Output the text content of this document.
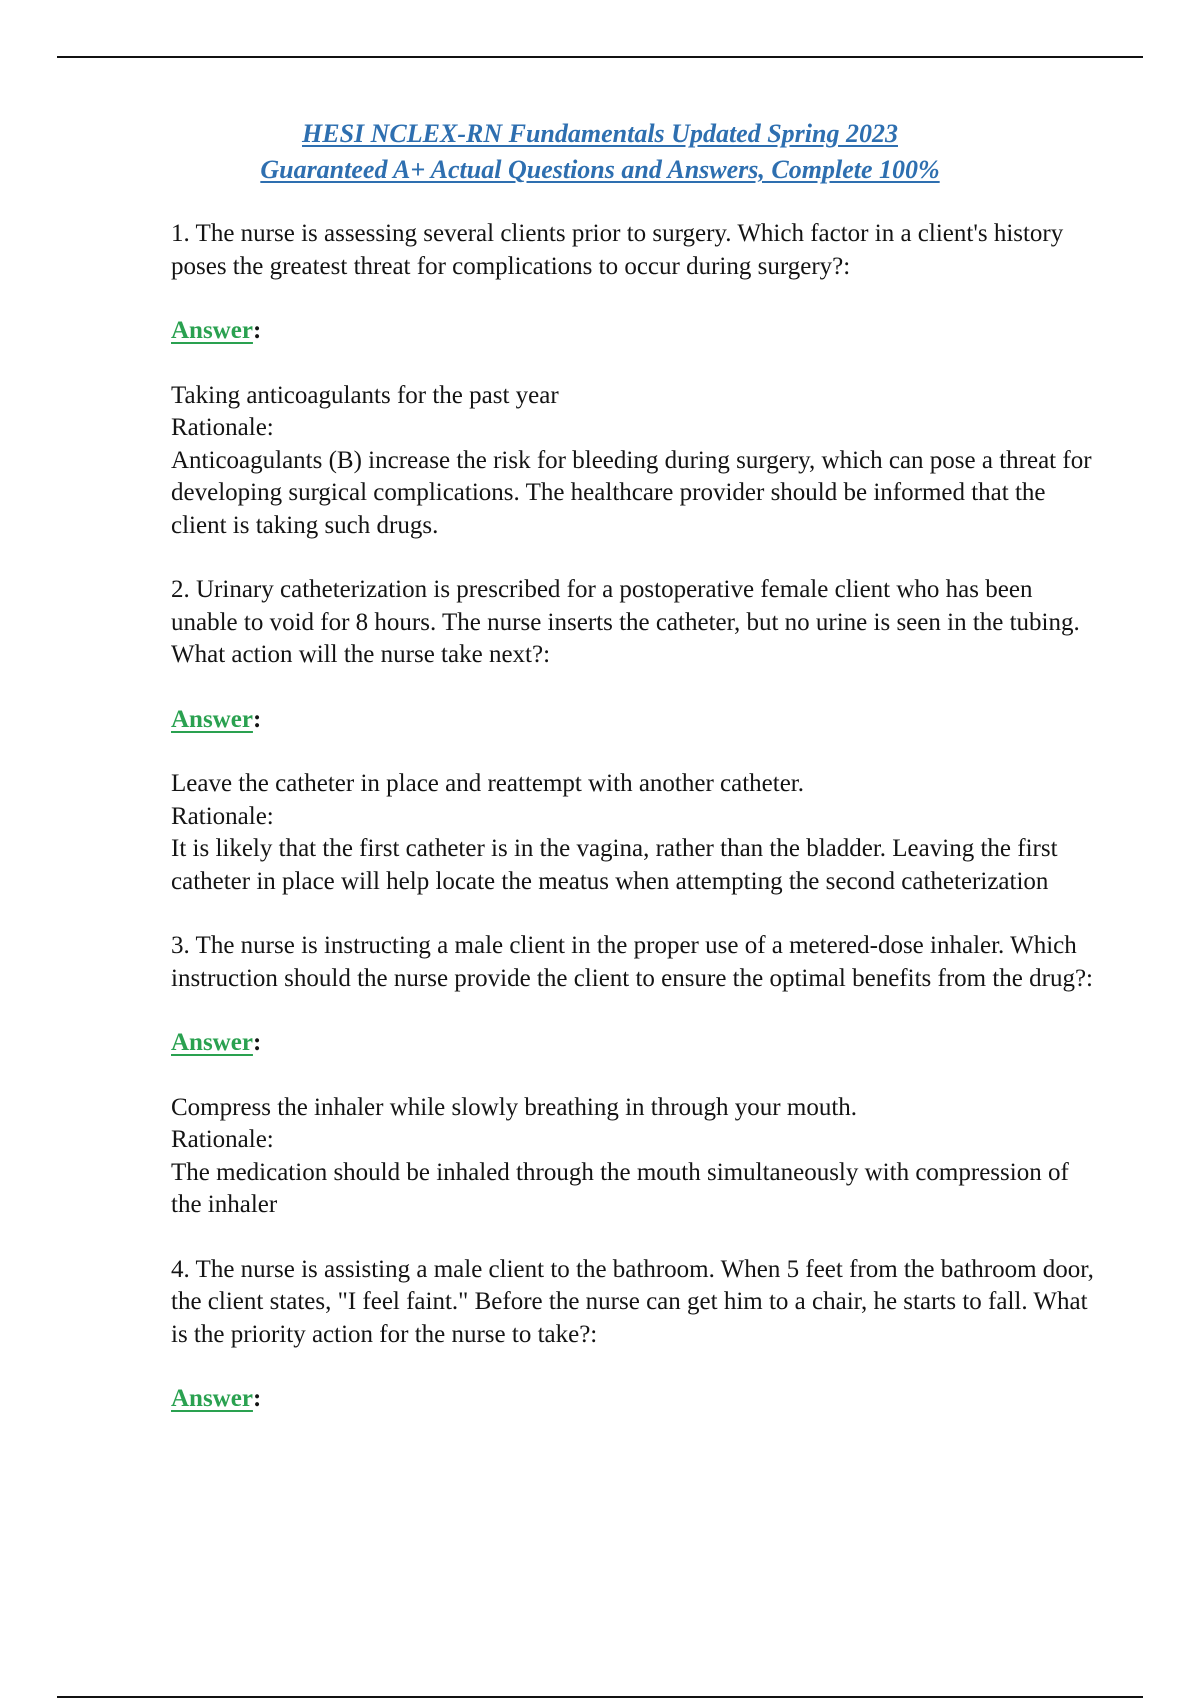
HESI NCLEX-RN Fundamentals Updated Spring 2023
Guaranteed A+ Actual Questions and Answers, Complete 100%

1. The nurse is assessing several clients prior to surgery. Which factor in a client's history poses the greatest threat for complications to occur during surgery?:

Answer:

Taking anticoagulants for the past year

Rationale:

Anticoagulants (B) increase the risk for bleeding during surgery, which can pose a threat for developing surgical complications. The healthcare provider should be informed that the client is taking such drugs.

2. Urinary catheterization is prescribed for a postoperative female client who has been unable to void for 8 hours. The nurse inserts the catheter, but no urine is seen in the tubing. What action will the nurse take next?:

Answer:

Leave the catheter in place and reattempt with another catheter.

Rationale:

It is likely that the first catheter is in the vagina, rather than the bladder. Leaving the first catheter in place will help locate the meatus when attempting the second catheterization

3. The nurse is instructing a male client in the proper use of a metered-dose inhaler. Which instruction should the nurse provide the client to ensure the optimal benefits from the drug?:

Answer:

Compress the inhaler while slowly breathing in through your mouth.

Rationale:

The medication should be inhaled through the mouth simultaneously with compression of the inhaler

4. The nurse is assisting a male client to the bathroom. When 5 feet from the bathroom door, the client states, "I feel faint." Before the nurse can get him to a chair, he starts to fall. What is the priority action for the nurse to take?:

Answer:
